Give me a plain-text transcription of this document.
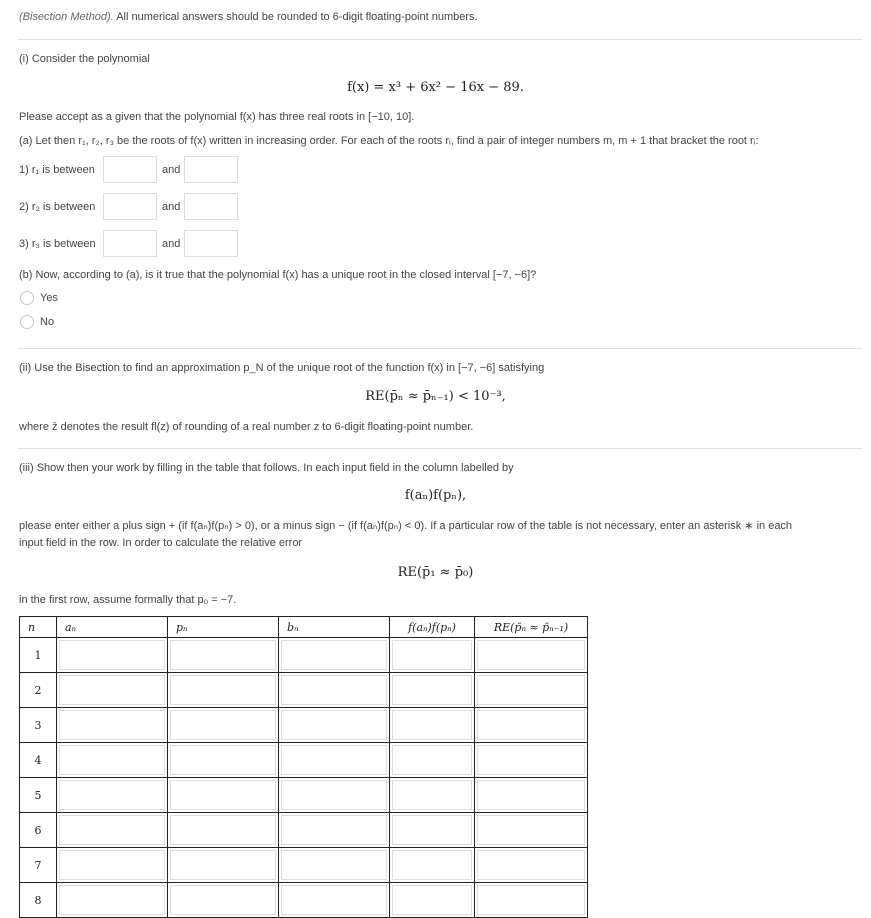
(Bisection Method). All numerical answers should be rounded to 6-digit floating-point numbers.
(i) Consider the polynomial
f(x) = x³ + 6x² − 16x − 89.
Please accept as a given that the polynomial f(x) has three real roots in [−10, 10].
(a) Let then r₁, r₂, r₃ be the roots of f(x) written in increasing order. For each of the roots rᵢ, find a pair of integer numbers m, m + 1 that bracket the root rᵢ:
1) r₁ is between	and
2) r₂ is between	and
3) r₃ is between	and
(b) Now, according to (a), is it true that the polynomial f(x) has a unique root in the closed interval [−7, −6]?
Yes
No
(ii) Use the Bisection to find an approximation p_N of the unique root of the function f(x) in [−7, −6] satisfying
RE(p̄ₙ ≈ p̄ₙ₋₁) < 10⁻³,
where z̄ denotes the result fl(z) of rounding of a real number z to 6-digit floating-point number.
(iii) Show then your work by filling in the table that follows. In each input field in the column labelled by
f(aₙ)f(pₙ),
please enter either a plus sign + (if f(aₙ)f(pₙ) > 0), or a minus sign − (if f(aₙ)f(pₙ) < 0). If a particular row of the table is not necessary, enter an asterisk ∗ in each
input field in the row. In order to calculate the relative error
RE(p̄₁ ≈ p̄₀)
in the first row, assume formally that p₀ = −7.
n	aₙ	pₙ	bₙ	f(aₙ)f(pₙ)	RE(p̄ₙ ≈ p̄ₙ₋₁)
1	

2	

3	

4	

5	

6	

7	

8	
